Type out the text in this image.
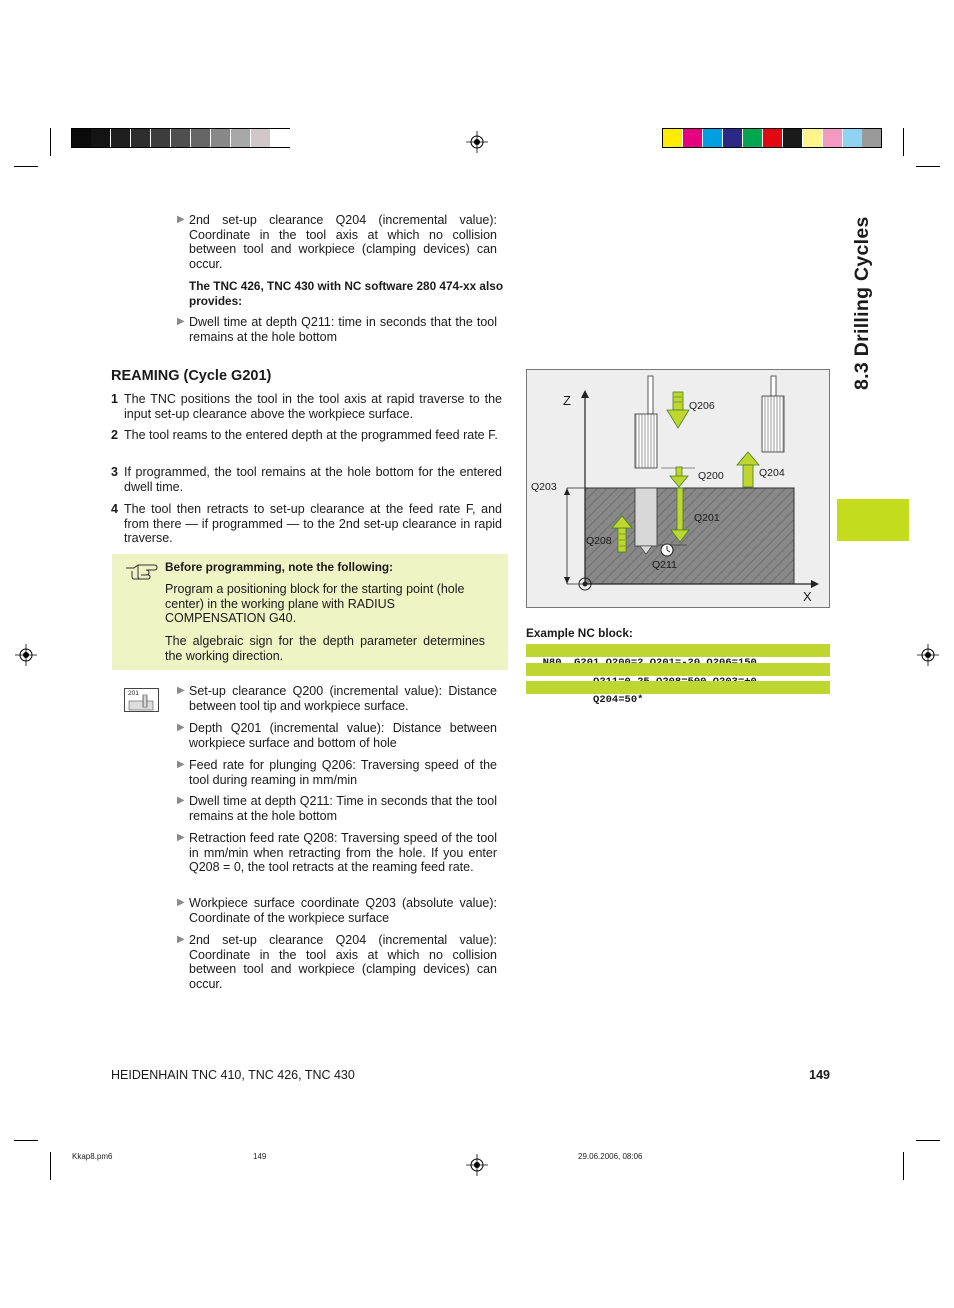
8.3 Drilling Cycles
▶ 2nd set-up clearance Q204 (incremental value): Coordinate in the tool axis at which no collision between tool and workpiece (clamping devices) can occur.
The TNC 426, TNC 430 with NC software 280 474-xx also provides:
▶ Dwell time at depth Q211: time in seconds that the tool remains at the hole bottom
REAMING (Cycle G201)
1 The TNC positions the tool in the tool axis at rapid traverse to the input set-up clearance above the workpiece surface.
2 The tool reams to the entered depth at the programmed feed rate F.
3 If programmed, the tool remains at the hole bottom for the entered dwell time.
4 The tool then retracts to set-up clearance at the feed rate F, and from there — if programmed — to the 2nd set-up clearance in rapid traverse.
Before programming, note the following:
Program a positioning block for the starting point (hole center) in the working plane with RADIUS COMPENSATION G40.
The algebraic sign for the depth parameter determines the working direction.
201	▶ Set-up clearance Q200 (incremental value): Distance between tool tip and workpiece surface.
▶ Depth Q201 (incremental value): Distance between workpiece surface and bottom of hole
▶ Feed rate for plunging Q206: Traversing speed of the tool during reaming in mm/min
▶ Dwell time at depth Q211: Time in seconds that the tool remains at the hole bottom
▶ Retraction feed rate Q208: Traversing speed of the tool in mm/min when retracting from the hole. If you enter Q208 = 0, the tool retracts at the reaming feed rate.
▶ Workpiece surface coordinate Q203 (absolute value): Coordinate of the workpiece surface
▶ 2nd set-up clearance Q204 (incremental value): Coordinate in the tool axis at which no collision between tool and workpiece (clamping devices) can occur.
Z
X
Q206
Q200	Q204
Q203
Q201
Q208
Q211
Example NC block:

Q204=50*

HEIDENHAIN TNC 410, TNC 426, TNC 430	149
Kkap8.pm6	149	29.06.2006, 08:06
